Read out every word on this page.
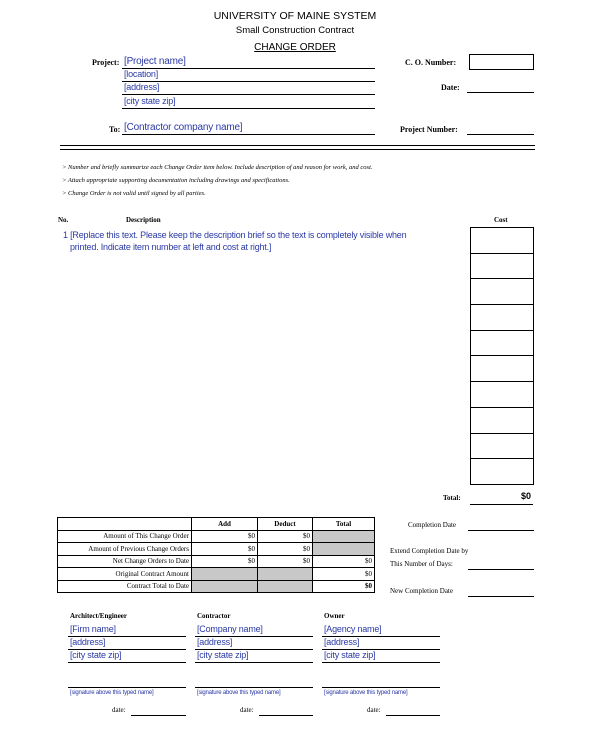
UNIVERSITY OF MAINE SYSTEM
Small Construction Contract
CHANGE ORDER
Project: [Project name]
[location]
[address]
[city state zip]
C. O. Number:
Date:
To: [Contractor company name]	Project Number:
> Number and briefly summarize each Change Order item below. Include description of and reason for work, and cost.
> Attach appropriate supporting documentation including drawings and specifications.
> Change Order is not valid until signed by all parties.
No.	Description	Cost
1 [Replace this text. Please keep the description brief so the text is completely visible when
printed. Indicate item number at left and cost at right.]

Total:	$0
	Add	Deduct	Total
Amount of This Change Order	$0	$0	
Amount of Previous Change Orders	$0	$0	
Net Change Orders to Date	$0	$0	$0
Original Contract Amount			$0
Contract Total to Date			$0
Completion Date
Extend Completion Date by
This Number of Days:
New Completion Date
Architect/Engineer
[Firm name]
[address]
[city state zip]
[signature above this typed name]
date:
Contractor
[Company name]
[address]
[city state zip]
[signature above this typed name]
date:
Owner
[Agency name]
[address]
[city state zip]
[signature above this typed name]
date:
